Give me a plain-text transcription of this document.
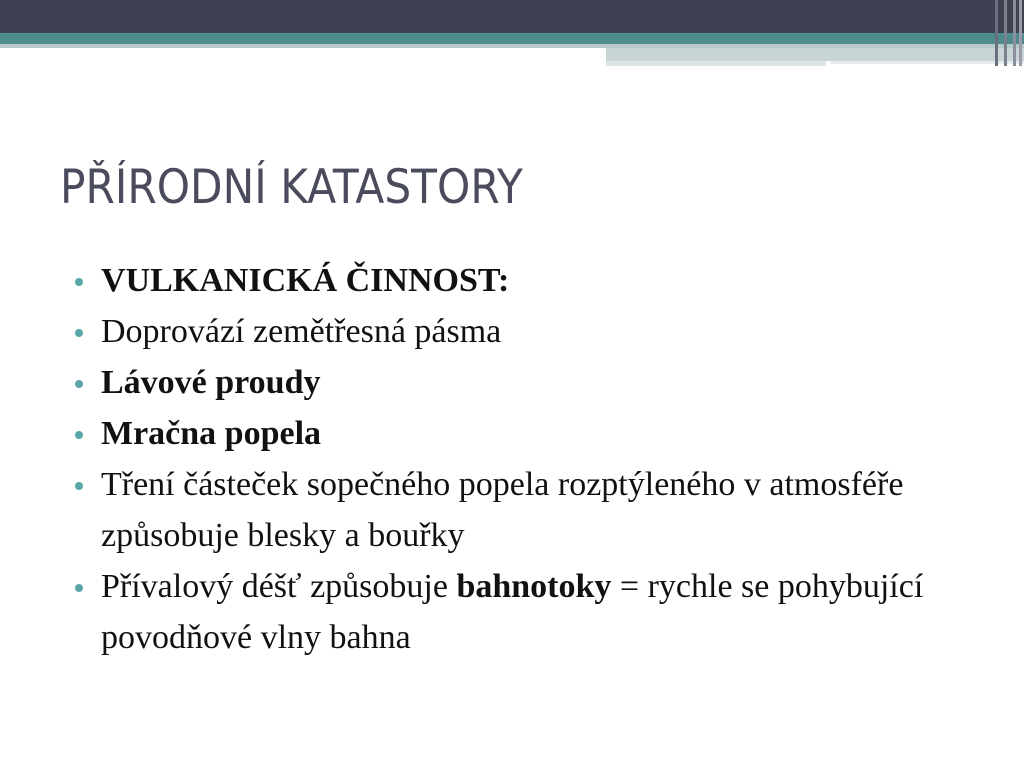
PŘÍRODNÍ KATASTORY
VULKANICKÁ ČINNOST:
Doprovází zemětřesná pásma
Lávové proudy
Mračna popela
Tření částeček sopečného popela rozptýleného v atmosféře způsobuje blesky a bouřky
Přívalový déšť způsobuje bahnotoky = rychle se pohybující povodňové vlny bahna
